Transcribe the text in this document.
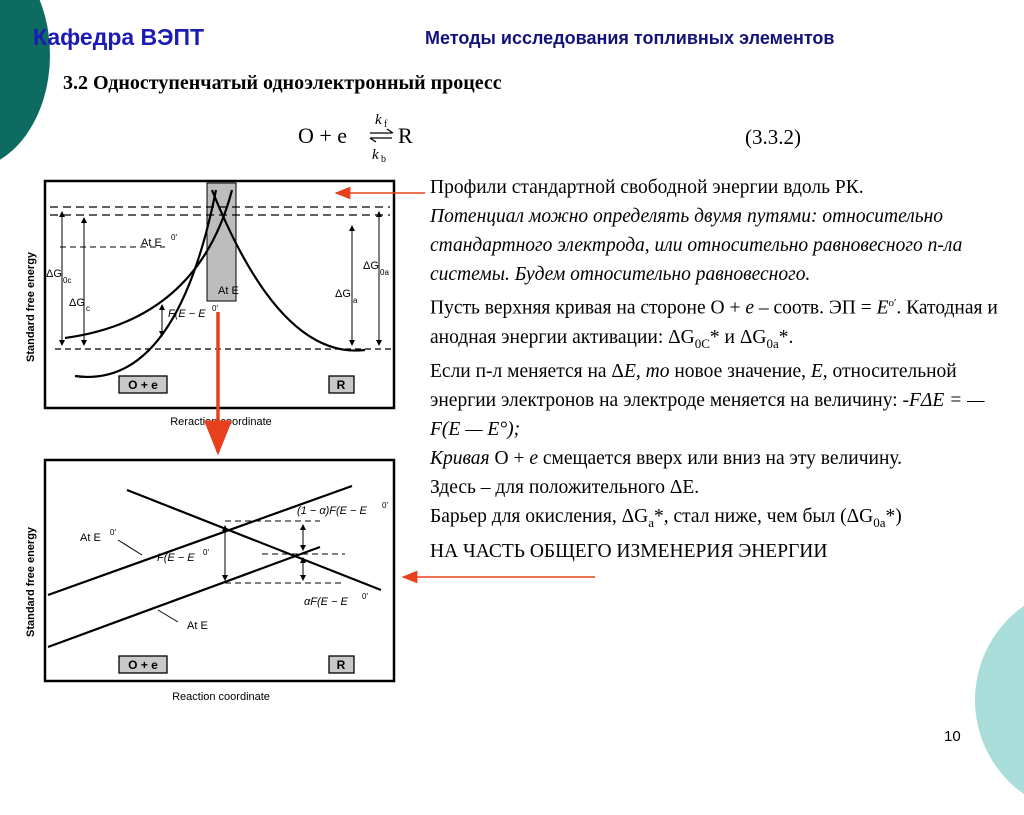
Кафедра ВЭПТ	Методы исследования топливных элементов
3.2 Одноступенчатый одноэлектронный процесс
O + e
k f
k b
R
At E 0′
At E
F(E − E 0′
ΔG
0c
ΔG c
ΔG
a
ΔG
0a
O + e	R
Standard free energy
Reraction coordinate
At E 0′
F(E − E 0′
(1 − α)F(E − E 0′
αF(E − E 0′
At E
O + e	R
Standard free energy
Reaction coordinate
(3.3.2)

Профили стандартной свободной энергии вдоль РК.

Потенциал можно определять двумя путями: относительно стандартного электрода, или относительно равновесного п-ла системы. Будем относительно равновесного.

Пусть верхняя кривая на стороне О + e – соотв. ЭП = $E^{o'}$. Катодная и анодная энергии активации: $\Delta G_{0C}*$ и $\Delta G_{0a}*$.

Если п-л меняется на ΔE, то новое значение, E, относительной энергии электронов на электроде меняется на величину: -FΔE = —F(E — E°);

Кривая О + e смещается вверх или вниз на эту величину.

Здесь – для положительного ΔE.

Барьер для окисления, $\Delta G_a*$, стал ниже, чем был $(\Delta G_{0a}*)$

НА ЧАСТЬ ОБЩЕГО ИЗМЕНЕРИЯ ЭНЕРГИИ

10
